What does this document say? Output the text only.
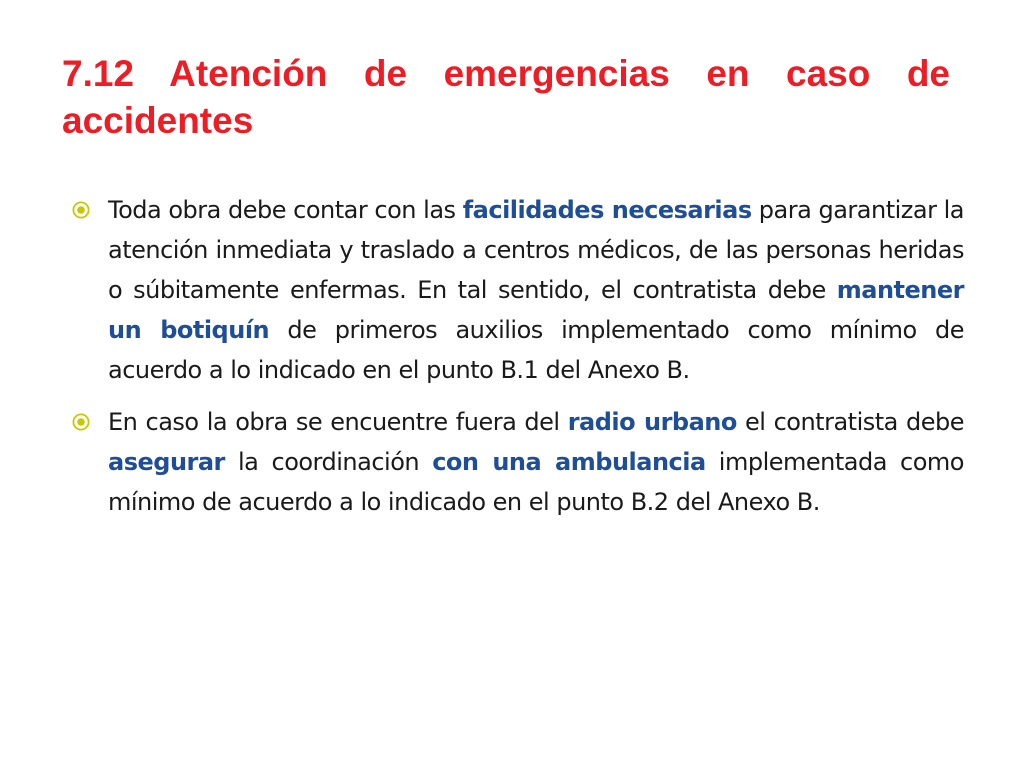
7.12 Atención de emergencias en caso de accidentes
Toda obra debe contar con las facilidades necesarias para garantizar la atención inmediata y traslado a centros médicos, de las personas heridas o súbitamente enfermas. En tal sentido, el contratista debe mantener un botiquín de primeros auxilios implementado como mínimo de acuerdo a lo indicado en el punto B.1 del Anexo B.
En caso la obra se encuentre fuera del radio urbano el contratista debe asegurar la coordinación con una ambulancia implementada como mínimo de acuerdo a lo indicado en el punto B.2 del Anexo B.
